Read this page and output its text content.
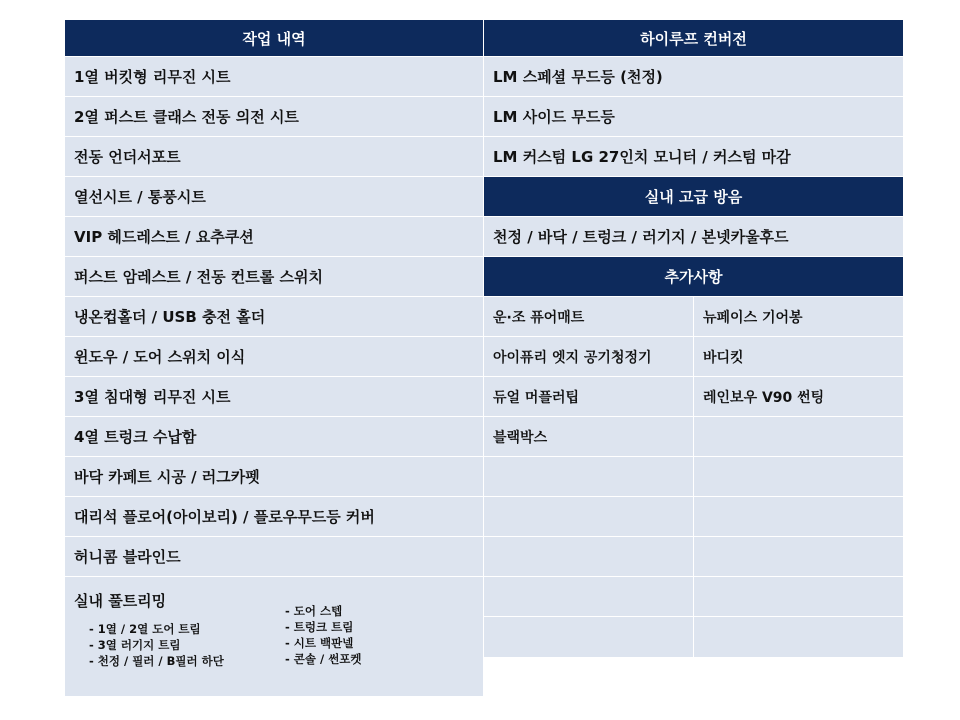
작업 내역
1열 버킷형 리무진 시트
2열 퍼스트 클래스 전동 의전 시트
전동 언더서포트
열선시트 / 통풍시트
VIP 헤드레스트 / 요추쿠션
퍼스트 암레스트 / 전동 컨트롤 스위치
냉온컵홀더 / USB 충전 홀더
윈도우 / 도어 스위치 이식
3열 침대형 리무진 시트
4열 트렁크 수납함
바닥 카페트 시공 / 러그카펫
대리석 플로어(아이보리) / 플로우무드등 커버
허니콤 블라인드
실내 풀트리밍
- 1열 / 2열 도어 트림
- 3열 러기지 트림
- 천정 / 필러 / B필러 하단
- 도어 스텝
- 트렁크 트림
- 시트 백판넬
- 콘솔 / 썬포켓
하이루프 컨버전
LM 스페셜 무드등 (천정)
LM 사이드 무드등
LM 커스텀 LG 27인치 모니터 / 커스텀 마감
실내 고급 방음
천정 / 바닥 / 트렁크 / 러기지 / 본넷카울후드
추가사항
운·조 퓨어매트	뉴페이스 기어봉
아이퓨리 엣지 공기청정기	바디킷
듀얼 머플러팁	레인보우 V90 썬팅
블랙박스
